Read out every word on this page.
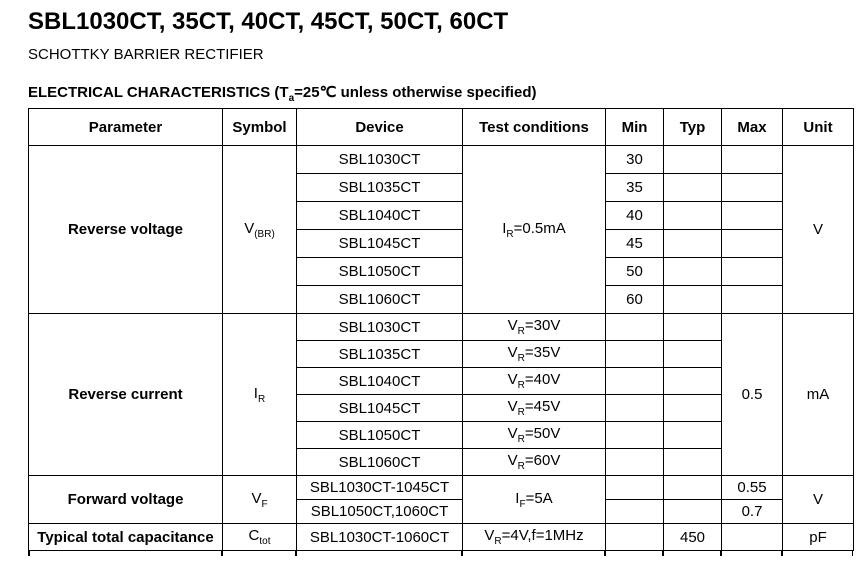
SBL1030CT, 35CT, 40CT, 45CT, 50CT, 60CT
SCHOTTKY BARRIER RECTIFIER
ELECTRICAL CHARACTERISTICS ($T_a=25℃$ unless otherwise specified)
Parameter	Symbol	Device	Test conditions	Min	Typ	Max	Unit
Reverse voltage	$V_{(BR)}$	SBL1030CT	$I_R=0.5mA$	30			V
		SBL1035CT		35			
		SBL1040CT		40			
		SBL1045CT		45			
		SBL1050CT		50			
		SBL1060CT		60			
Reverse current	$I_R$	SBL1030CT	$V_R=30V$			0.5	mA
		SBL1035CT	$V_R=35V$				
		SBL1040CT	$V_R=40V$				
		SBL1045CT	$V_R=45V$				
		SBL1050CT	$V_R=50V$				
		SBL1060CT	$V_R=60V$				
Forward voltage	$V_F$	SBL1030CT-1045CT	$I_F=5A$			0.55	V
		SBL1050CT,1060CT				0.7	
Typical total capacitance	$C_{tot}$	SBL1030CT-1060CT	$V_R=4V,f=1MHz$		450		pF
